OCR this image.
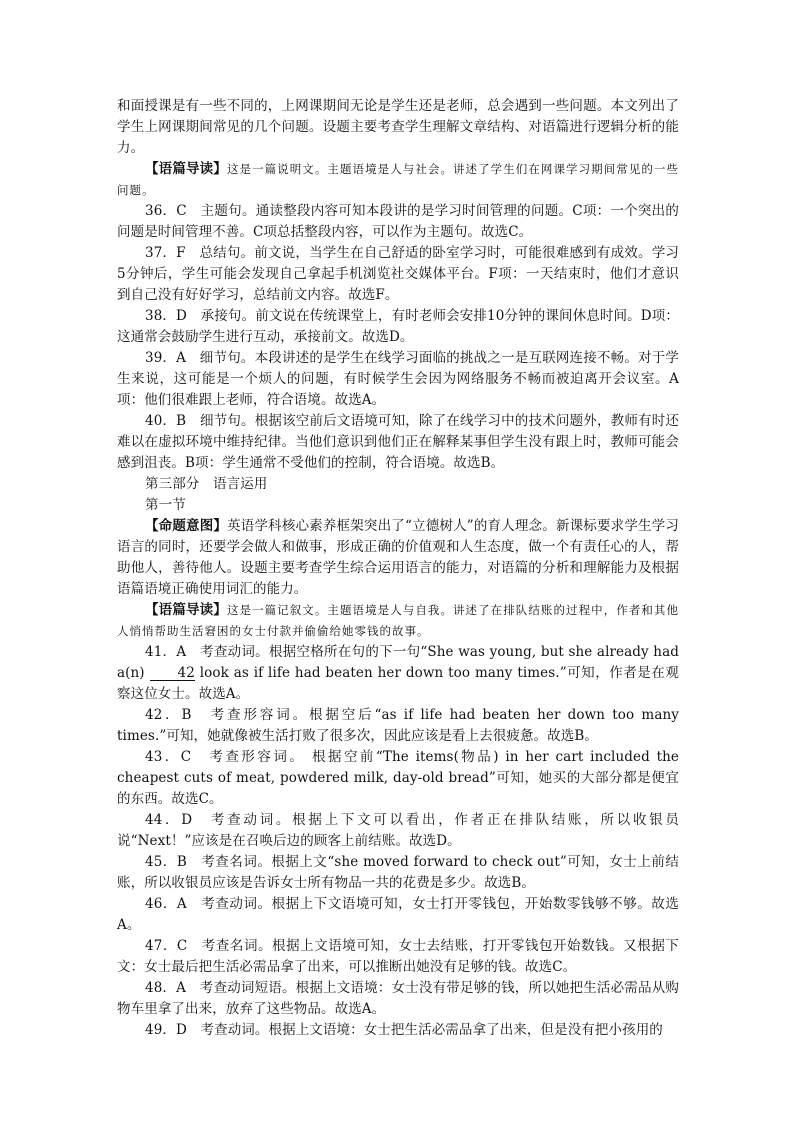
和面授课是有一些不同的，上网课期间无论是学生还是老师，总会遇到一些问题。本文列出了学生上网课期间常见的几个问题。设题主要考查学生理解文章结构、对语篇进行逻辑分析的能力。

【语篇导读】这是一篇说明文。主题语境是人与社会。讲述了学生们在网课学习期间常见的一些问题。

36．C　主题句。通读整段内容可知本段讲的是学习时间管理的问题。C项：一个突出的问题是时间管理不善。C项总括整段内容，可以作为主题句。故选C。

37．F　总结句。前文说，当学生在自己舒适的卧室学习时，可能很难感到有成效。学习5分钟后，学生可能会发现自己拿起手机浏览社交媒体平台。F项：一天结束时，他们才意识到自己没有好好学习，总结前文内容。故选F。

38．D　承接句。前文说在传统课堂上，有时老师会安排10分钟的课间休息时间。D项：这通常会鼓励学生进行互动，承接前文。故选D。

39．A　细节句。本段讲述的是学生在线学习面临的挑战之一是互联网连接不畅。对于学生来说，这可能是一个烦人的问题，有时候学生会因为网络服务不畅而被迫离开会议室。A项：他们很难跟上老师，符合语境。故选A。

40．B　细节句。根据该空前后文语境可知，除了在线学习中的技术问题外，教师有时还难以在虚拟环境中维持纪律。当他们意识到他们正在解释某事但学生没有跟上时，教师可能会感到沮丧。B项：学生通常不受他们的控制，符合语境。故选B。

第三部分　语言运用

第一节

【命题意图】英语学科核心素养框架突出了“立德树人”的育人理念。新课标要求学生学习语言的同时，还要学会做人和做事，形成正确的价值观和人生态度，做一个有责任心的人，帮助他人，善待他人。设题主要考查学生综合运用语言的能力，对语篇的分析和理解能力及根据语篇语境正确使用词汇的能力。

【语篇导读】这是一篇记叙文。主题语境是人与自我。讲述了在排队结账的过程中，作者和其他人悄悄帮助生活窘困的女士付款并偷偷给她零钱的故事。

41．A　考查动词。根据空格所在句的下一句“She was young, but she already had a(n) 42 look as if life had beaten her down too many times.”可知，作者是在观察这位女士。故选A。

42．B　考查形容词。根据空后“as if life had beaten her down too many times.”可知，她就像被生活打败了很多次，因此应该是看上去很疲惫。故选B。

43．C　考查形容词。 根据空前“The items(物品) in her cart included the cheapest cuts of meat, powdered milk, day-old bread”可知，她买的大部分都是便宜的东西。故选C。

44．D　考查动词。根据上下文可以看出，作者正在排队结账，所以收银员说“Next！”应该是在召唤后边的顾客上前结账。故选D。

45．B　考查名词。根据上文“she moved forward to check out”可知，女士上前结账，所以收银员应该是告诉女士所有物品一共的花费是多少。故选B。

46．A　考查动词。根据上下文语境可知，女士打开零钱包，开始数零钱够不够。故选A。

47．C　考查名词。根据上文语境可知，女士去结账，打开零钱包开始数钱。又根据下文：女士最后把生活必需品拿了出来，可以推断出她没有足够的钱。故选C。

48．A　考查动词短语。根据上文语境：女士没有带足够的钱，所以她把生活必需品从购物车里拿了出来，放弃了这些物品。故选A。

49．D　考查动词。根据上文语境：女士把生活必需品拿了出来，但是没有把小孩用的
